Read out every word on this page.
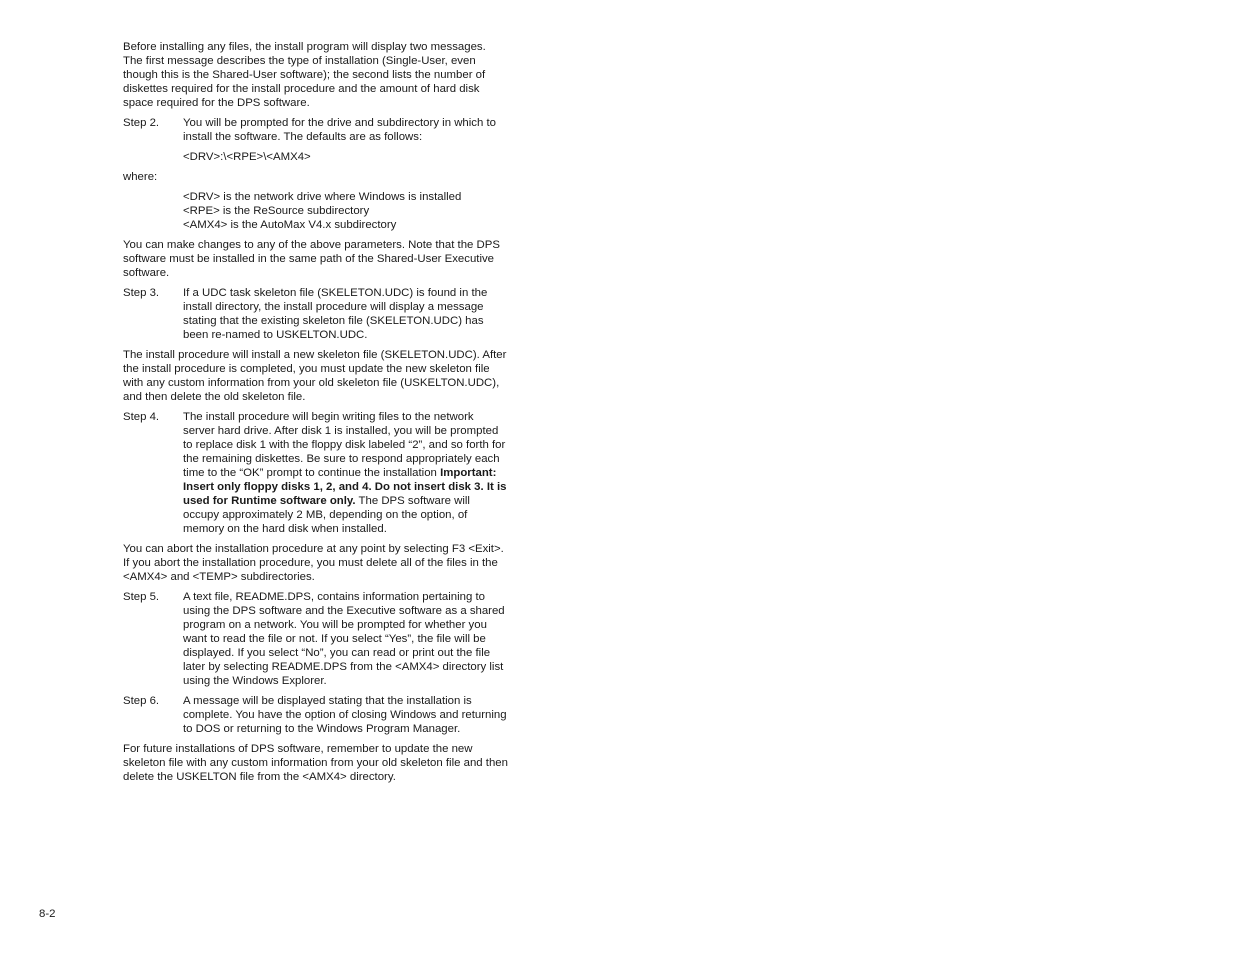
Before installing any files, the install program will display two messages. The first message describes the type of installation (Single-User, even though this is the Shared-User software); the second lists the number of diskettes required for the install procedure and the amount of hard disk space required for the DPS software.

Step 2.	You will be prompted for the drive and subdirectory in which to install the software. The defaults are as follows:
<DRV>:\<RPE>\<AMX4>
where:
<DRV> is the network drive where Windows is installed
<RPE> is the ReSource subdirectory
<AMX4> is the AutoMax V4.x subdirectory

You can make changes to any of the above parameters. Note that the DPS software must be installed in the same path of the Shared-User Executive software.

Step 3.	If a UDC task skeleton file (SKELETON.UDC) is found in the install directory, the install procedure will display a message stating that the existing skeleton file (SKELETON.UDC) has been re-named to USKELTON.UDC.

The install procedure will install a new skeleton file (SKELETON.UDC). After the install procedure is completed, you must update the new skeleton file with any custom information from your old skeleton file (USKELTON.UDC), and then delete the old skeleton file.

Step 4.	The install procedure will begin writing files to the network server hard drive. After disk 1 is installed, you will be prompted to replace disk 1 with the floppy disk labeled “2”, and so forth for the remaining diskettes. Be sure to respond appropriately each time to the “OK” prompt to continue the installation Important: Insert only floppy disks 1, 2, and 4. Do not insert disk 3. It is used for Runtime software only. The DPS software will occupy approximately 2 MB, depending on the option, of memory on the hard disk when installed.

You can abort the installation procedure at any point by selecting F3 <Exit>. If you abort the installation procedure, you must delete all of the files in the <AMX4> and <TEMP> subdirectories.

Step 5.	A text file, README.DPS, contains information pertaining to using the DPS software and the Executive software as a shared program on a network. You will be prompted for whether you want to read the file or not. If you select “Yes”, the file will be displayed. If you select “No”, you can read or print out the file later by selecting README.DPS from the <AMX4> directory list using the Windows Explorer.
Step 6.	A message will be displayed stating that the installation is complete. You have the option of closing Windows and returning to DOS or returning to the Windows Program Manager.

For future installations of DPS software, remember to update the new skeleton file with any custom information from your old skeleton file and then delete the USKELTON file from the <AMX4> directory.

8-2
